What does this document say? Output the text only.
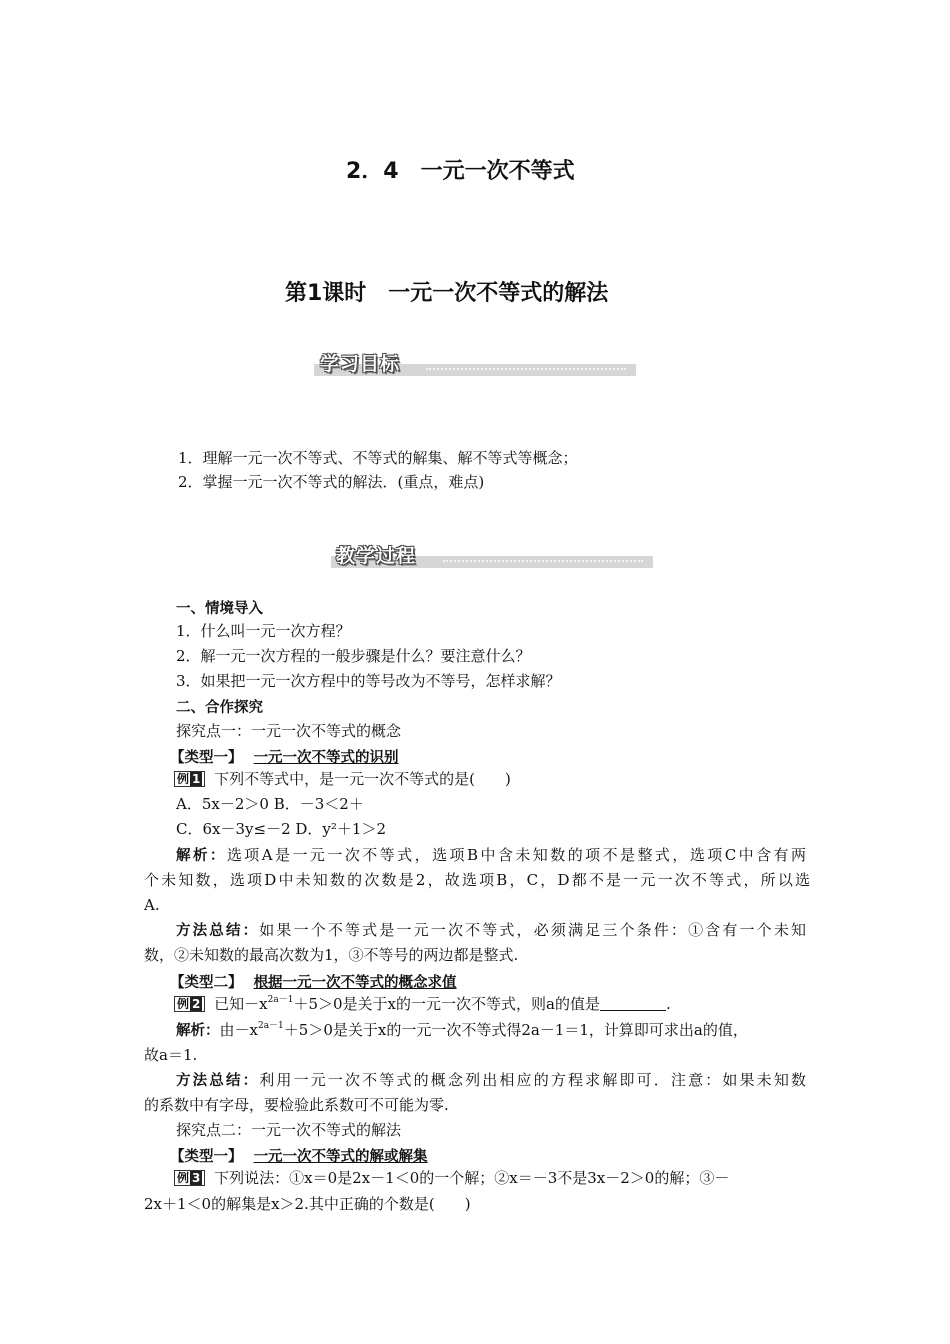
2．4　一元一次不等式
第1课时　一元一次不等式的解法
学习目标
1．理解一元一次不等式、不等式的解集、解不等式等概念；
2．掌握一元一次不等式的解法．(重点，难点)
教学过程
一、情境导入
1．什么叫一元一次方程？
2．解一元一次方程的一般步骤是什么？要注意什么？
3．如果把一元一次方程中的等号改为不等号，怎样求解？
二、合作探究
探究点一：一元一次不等式的概念
【类型一】 一元一次不等式的识别
例 1 下列不等式中，是一元一次不等式的是( )
A．5x－2＞0 B．－3＜2＋
C．6x－3y≤－2 D．y²＋1＞2
解析：选项A是一元一次不等式，选项B中含未知数的项不是整式，选项C中含有两
个未知数，选项D中未知数的次数是2，故选项B，C，D都不是一元一次不等式，所以选
A.
方法总结：如果一个不等式是一元一次不等式，必须满足三个条件：①含有一个未知
数，②未知数的最高次数为1，③不等号的两边都是整式.
【类型二】 根据一元一次不等式的概念求值
例 2 已知$-x^{2a-1}+5>0$是关于x的一元一次不等式，则a的值是	.
解析：由$-x^{2a-1}+5>0$是关于x的一元一次不等式得2a－1＝1，计算即可求出a的值，
故a＝1.
方法总结：利用一元一次不等式的概念列出相应的方程求解即可．注意：如果未知数
的系数中有字母，要检验此系数可不可能为零.
探究点二：一元一次不等式的解法
【类型一】 一元一次不等式的解或解集
例 3 下列说法：①x＝0是2x－1＜0的一个解；②x＝－3不是3x－2＞0的解；③－
2x＋1＜0的解集是x＞2.其中正确的个数是( )
